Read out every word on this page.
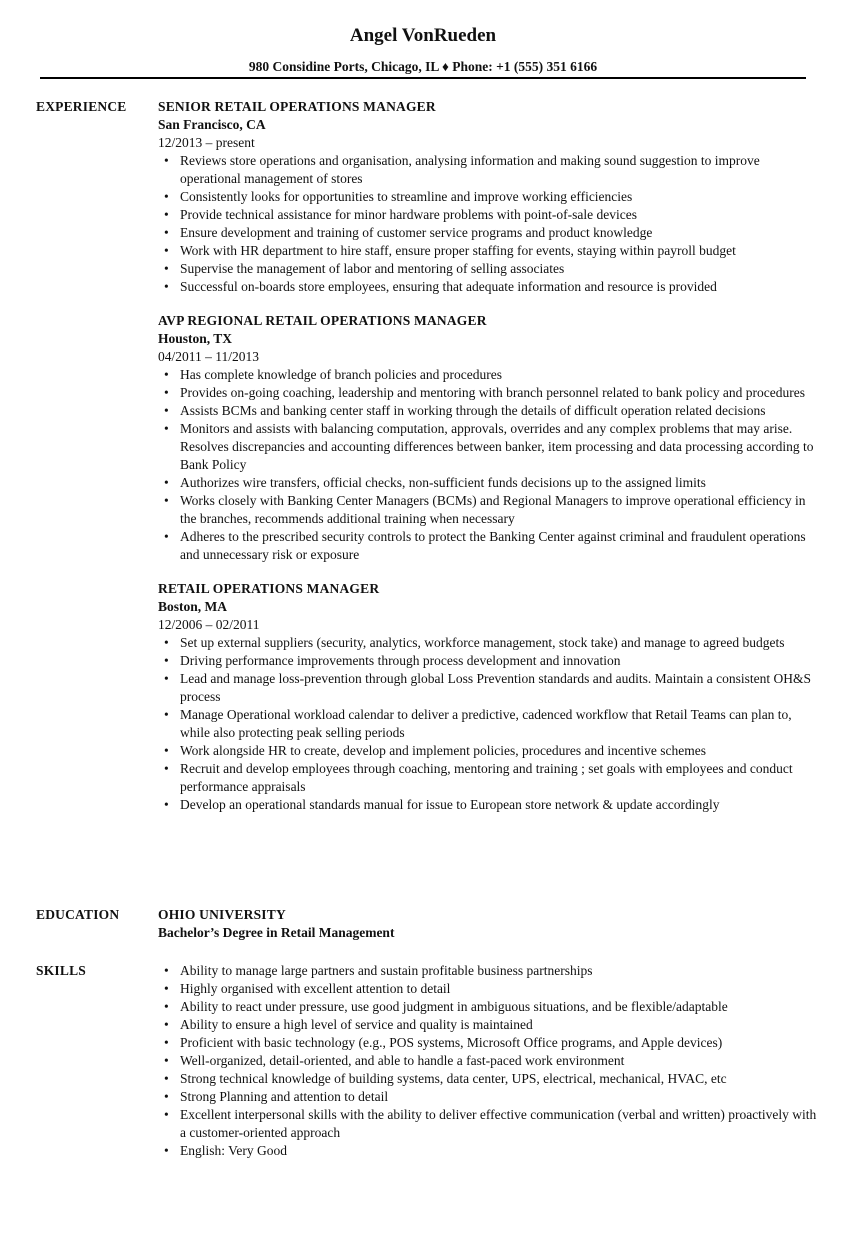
Angel VonRueden
980 Considine Ports, Chicago, IL ♦ Phone: +1 (555) 351 6166
EXPERIENCE SENIOR RETAIL OPERATIONS MANAGER
San Francisco, CA
12/2013 – present
• Reviews store operations and organisation, analysing information and making sound suggestion to improve operational management of stores
• Consistently looks for opportunities to streamline and improve working efficiencies
• Provide technical assistance for minor hardware problems with point-of-sale devices
• Ensure development and training of customer service programs and product knowledge
• Work with HR department to hire staff, ensure proper staffing for events, staying within payroll budget
• Supervise the management of labor and mentoring of selling associates
• Successful on-boards store employees, ensuring that adequate information and resource is provided
AVP REGIONAL RETAIL OPERATIONS MANAGER
Houston, TX
04/2011 – 11/2013
• Has complete knowledge of branch policies and procedures
• Provides on-going coaching, leadership and mentoring with branch personnel related to bank policy and procedures
• Assists BCMs and banking center staff in working through the details of difficult operation related decisions
• Monitors and assists with balancing computation, approvals, overrides and any complex problems that may arise. Resolves discrepancies and accounting differences between banker, item processing and data processing according to Bank Policy
• Authorizes wire transfers, official checks, non-sufficient funds decisions up to the assigned limits
• Works closely with Banking Center Managers (BCMs) and Regional Managers to improve operational efficiency in the branches, recommends additional training when necessary
• Adheres to the prescribed security controls to protect the Banking Center against criminal and fraudulent operations and unnecessary risk or exposure
RETAIL OPERATIONS MANAGER
Boston, MA
12/2006 – 02/2011
• Set up external suppliers (security, analytics, workforce management, stock take) and manage to agreed budgets
• Driving performance improvements through process development and innovation
• Lead and manage loss-prevention through global Loss Prevention standards and audits. Maintain a consistent OH&S process
• Manage Operational workload calendar to deliver a predictive, cadenced workflow that Retail Teams can plan to, while also protecting peak selling periods
• Work alongside HR to create, develop and implement policies, procedures and incentive schemes
• Recruit and develop employees through coaching, mentoring and training ; set goals with employees and conduct performance appraisals
• Develop an operational standards manual for issue to European store network & update accordingly
EDUCATION	OHIO UNIVERSITY
Bachelor’s Degree in Retail Management
SKILLS
•	Ability to manage large partners and sustain profitable business partnerships
• Highly organised with excellent attention to detail
• Ability to react under pressure, use good judgment in ambiguous situations, and be flexible/adaptable
• Ability to ensure a high level of service and quality is maintained
• Proficient with basic technology (e.g., POS systems, Microsoft Office programs, and Apple devices)
• Well-organized, detail-oriented, and able to handle a fast-paced work environment
• Strong technical knowledge of building systems, data center, UPS, electrical, mechanical, HVAC, etc
• Strong Planning and attention to detail
• Excellent interpersonal skills with the ability to deliver effective communication (verbal and written) proactively with a customer-oriented approach
• English: Very Good
